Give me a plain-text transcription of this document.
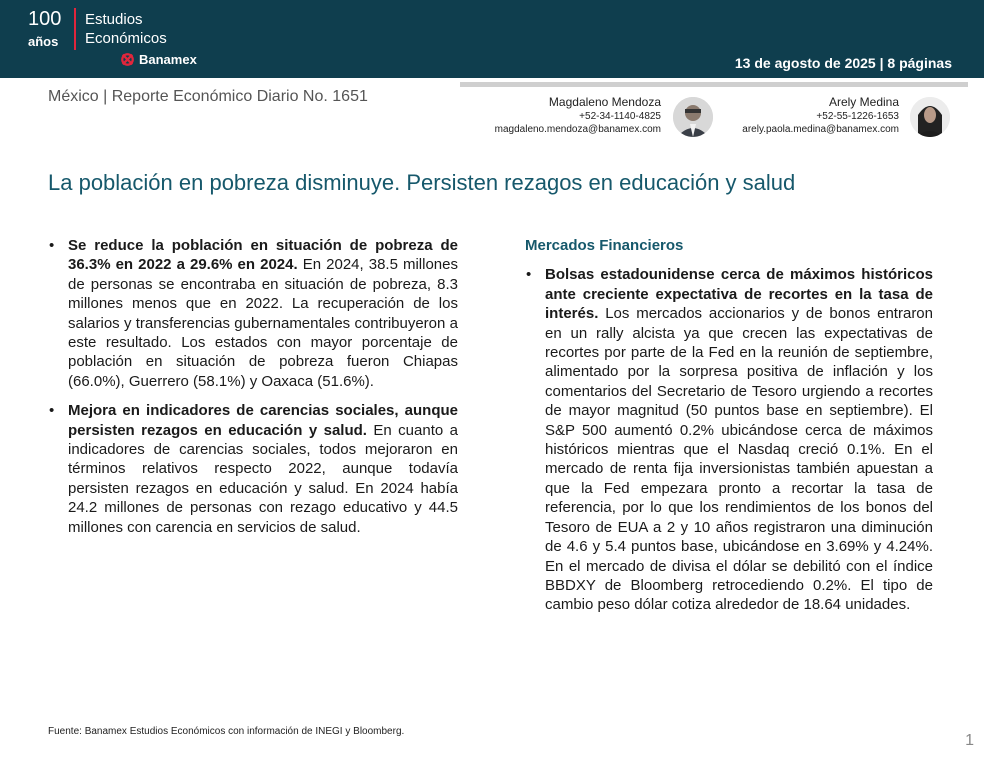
100
años
Estudios
Económicos
Banamex	13 de agosto de 2025 | 8 páginas
México | Reporte Económico Diario No. 1651	Magdaleno Mendoza
+52-34-1140-4825
magdaleno.mendoza@banamex.com
Arely Medina
+52-55-1226-1653
arely.paola.medina@banamex.com
La población en pobreza disminuye. Persisten rezagos en educación y salud
• Se reduce la población en situación de pobreza de 36.3% en 2022 a 29.6% en 2024. En 2024, 38.5 millones de personas se encontraba en situación de pobreza, 8.3 millones menos que en 2022. La recuperación de los salarios y transferencias gubernamentales contribuyeron a este resultado. Los estados con mayor porcentaje de población en situación de pobreza fueron Chiapas (66.0%), Guerrero (58.1%) y Oaxaca (51.6%).
• Mejora en indicadores de carencias sociales, aunque persisten rezagos en educación y salud. En cuanto a indicadores de carencias sociales, todos mejoraron en términos relativos respecto 2022, aunque todavía persisten rezagos en educación y salud. En 2024 había 24.2 millones de personas con rezago educativo y 44.5 millones con carencia en servicios de salud.
Mercados Financieros
• Bolsas estadounidense cerca de máximos históricos ante creciente expectativa de recortes en la tasa de interés. Los mercados accionarios y de bonos entraron en un rally alcista ya que crecen las expectativas de recortes por parte de la Fed en la reunión de septiembre, alimentado por la sorpresa positiva de inflación y los comentarios del Secretario de Tesoro urgiendo a recortes de mayor magnitud (50 puntos base en septiembre). El S&P 500 aumentó 0.2% ubicándose cerca de máximos históricos mientras que el Nasdaq creció 0.1%. En el mercado de renta fija inversionistas también apuestan a que la Fed empezara pronto a recortar la tasa de referencia, por lo que los rendimientos de los bonos del Tesoro de EUA a 2 y 10 años registraron una diminución de 4.6 y 5.4 puntos base, ubicándose en 3.69% y 4.24%. En el mercado de divisa el dólar se debilitó con el índice BBDXY de Bloomberg retrocediendo 0.2%. El tipo de cambio peso dólar cotiza alrededor de 18.64 unidades.
Fuente: Banamex Estudios Económicos con información de INEGI y Bloomberg.
1
